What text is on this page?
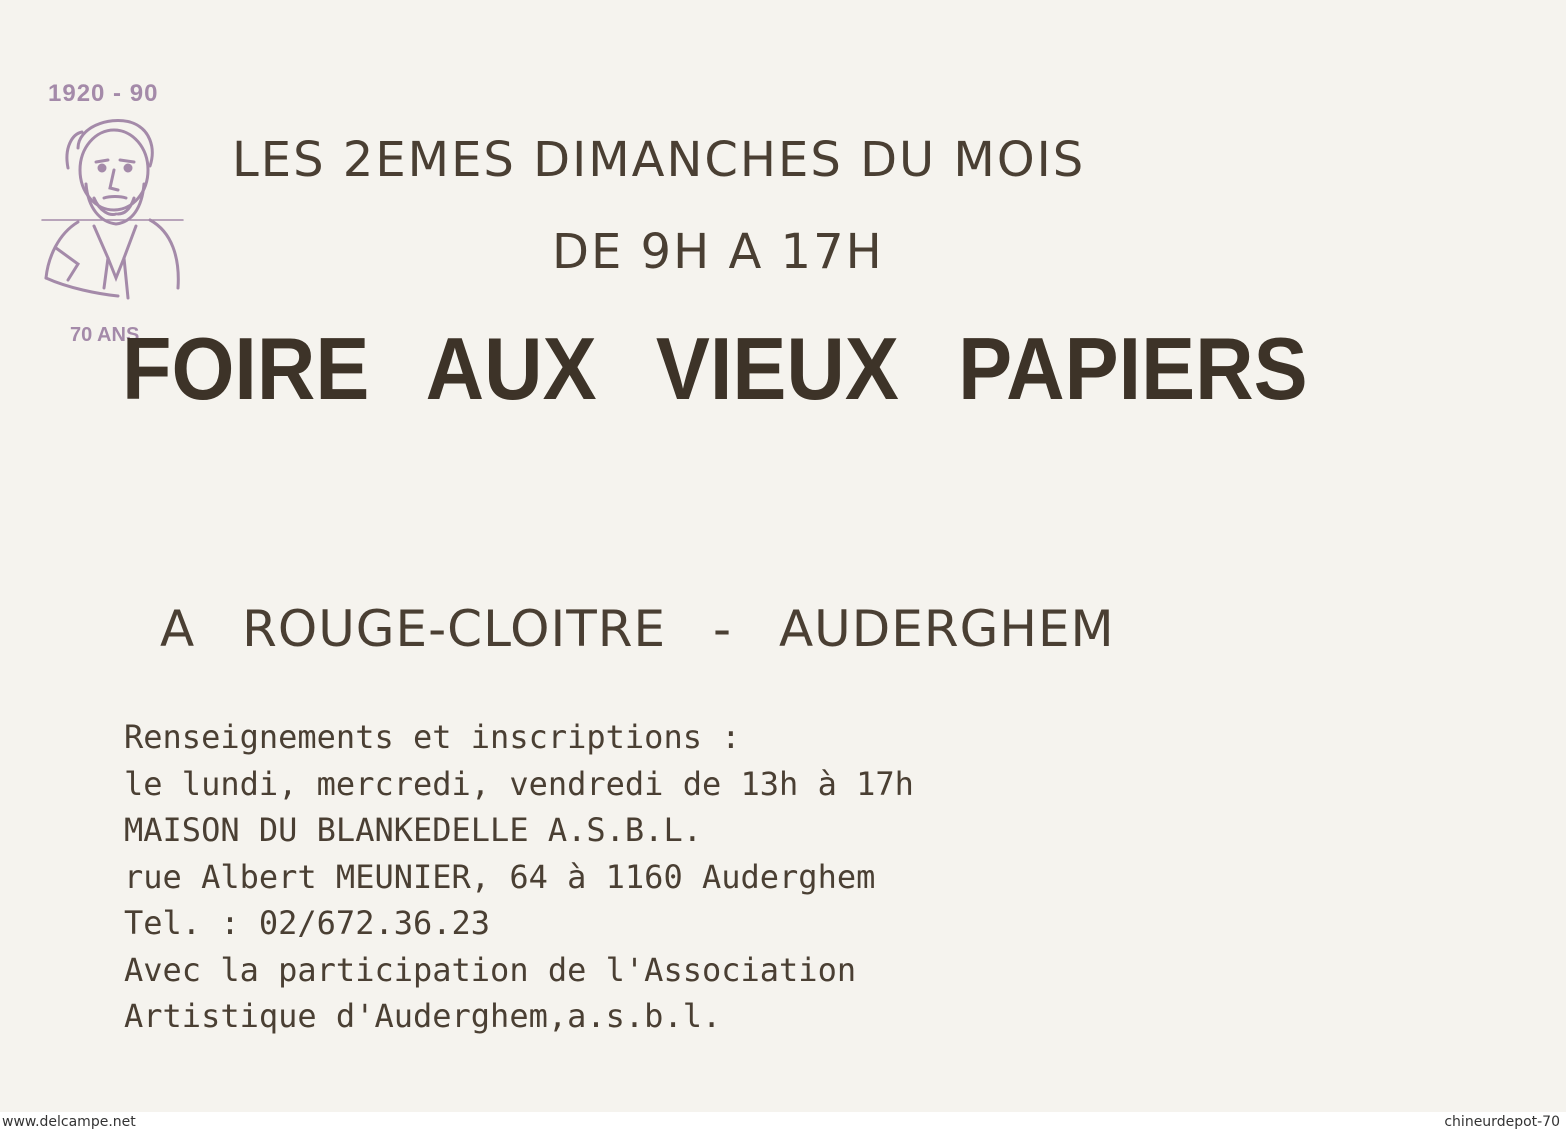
1920 - 90
70 ANS
LES 2EMES DIMANCHES DU MOIS
DE 9H A 17H
FOIRE AUX VIEUX PAPIERS
A ROUGE-CLOITRE - AUDERGHEM
Renseignements et inscriptions :
le lundi, mercredi, vendredi de 13h à 17h
MAISON DU BLANKEDELLE A.S.B.L.
rue Albert MEUNIER, 64 à 1160 Auderghem
Tel. : 02/672.36.23
Avec la participation de l'Association
Artistique d'Auderghem,a.s.b.l.
www.delcampe.net	chineurdepot-70
